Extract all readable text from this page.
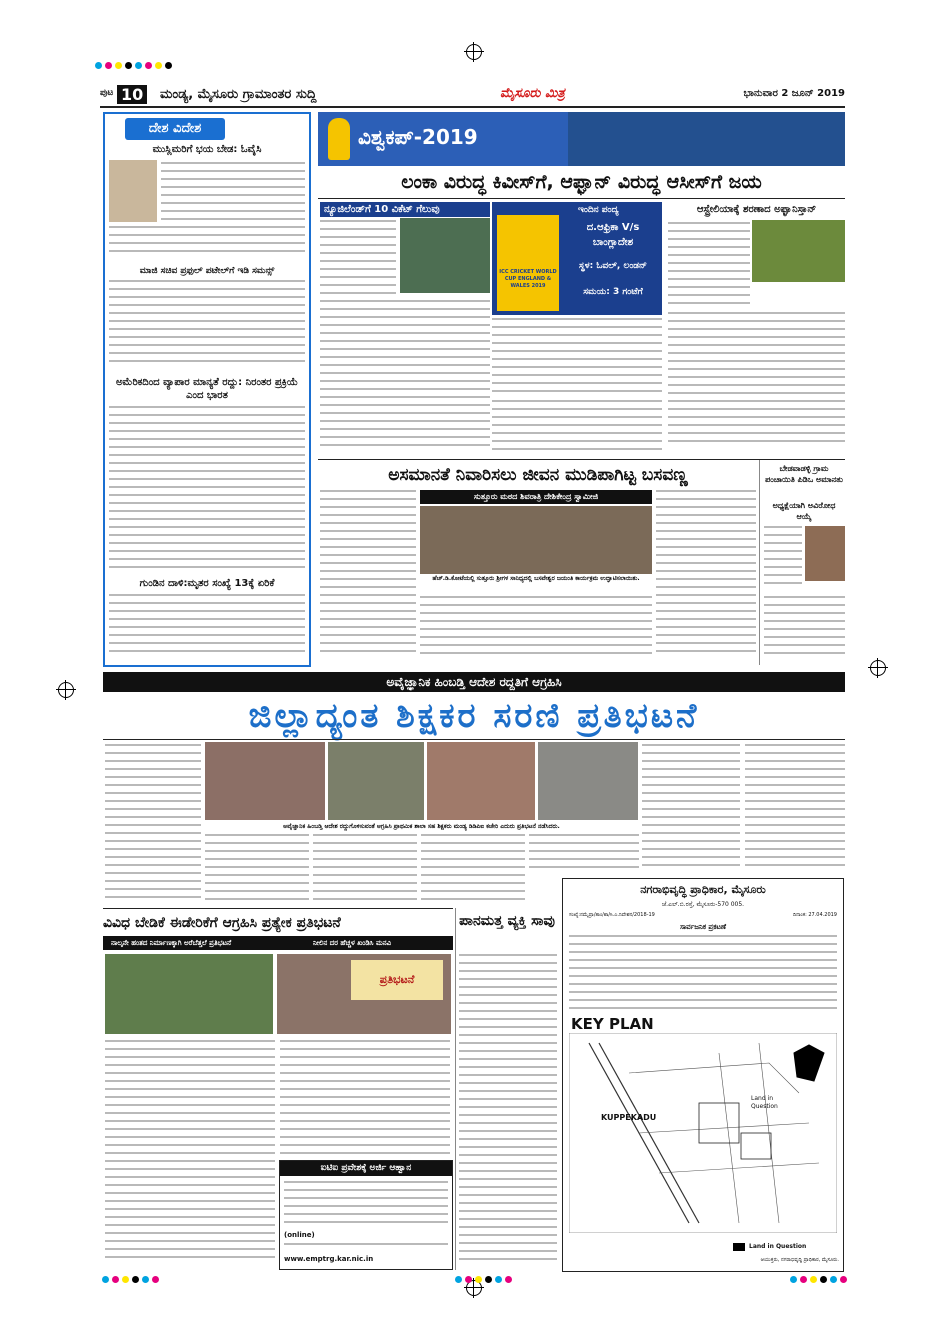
ಪುಟ 10	ಮಂಡ್ಯ, ಮೈಸೂರು ಗ್ರಾಮಾಂತರ ಸುದ್ದಿ	ಮೈಸೂರು ಮಿತ್ರ	ಭಾನುವಾರ 2 ಜೂನ್ 2019
ದೇಶ ವಿದೇಶ
ಮುಸ್ಲಿಮರಿಗೆ ಭಯ ಬೇಡ: ಓವೈಸಿ
ಮಾಜಿ ಸಚಿವ ಪ್ರಫುಲ್ ಪಟೇಲ್‌ಗೆ ಇಡಿ ಸಮನ್ಸ್
ಅಮೆರಿಕದಿಂದ ವ್ಯಾಪಾರ ಮಾನ್ಯತೆ ರದ್ದು: ನಿರಂತರ ಪ್ರಕ್ರಿಯೆ ಎಂದ ಭಾರತ
ಗುಂಡಿನ ದಾಳಿ:ಮೃತರ ಸಂಖ್ಯೆ 13ಕ್ಕೆ ಏರಿಕೆ
ವಿಶ್ವಕಪ್-2019
ಲಂಕಾ ವಿರುದ್ಧ ಕಿವೀಸ್‌ಗೆ, ಆಫ್ಘಾನ್ ವಿರುದ್ಧ ಆಸೀಸ್‌ಗೆ ಜಯ
ನ್ಯೂಜಿಲೆಂಡ್‌ಗೆ 10 ವಿಕೆಟ್ ಗೆಲುವು
ICC CRICKET WORLD CUP ENGLAND & WALES 2019
ಇಂದಿನ ಪಂದ್ಯ
ದ.ಆಫ್ರಿಕಾ V/s ಬಾಂಗ್ಲಾದೇಶ
ಸ್ಥಳ: ಓವಲ್, ಲಂಡನ್
ಸಮಯ: 3 ಗಂಟೆಗೆ
ಆಸ್ಟ್ರೇಲಿಯಾಕ್ಕೆ ಶರಣಾದ ಅಫ್ಘಾನಿಸ್ತಾನ್
ಅಸಮಾನತೆ ನಿವಾರಿಸಲು ಜೀವನ ಮುಡಿಪಾಗಿಟ್ಟ ಬಸವಣ್ಣ
ಸುತ್ತೂರು ಮಠದ ಶಿವರಾತ್ರಿ ದೇಶಿಕೇಂದ್ರ ಸ್ವಾಮೀಜಿ
ಹೆಚ್.ಡಿ.ಕೋಟೆಯಲ್ಲಿ ಸುತ್ತೂರು ಶ್ರೀಗಳ ಸಾನಿಧ್ಯದಲ್ಲಿ ಬಸವೇಶ್ವರ ಜಯಂತಿ ಕಾರ್ಯಕ್ರಮ ಉದ್ಘಾಟಿಸಲಾಯಿತು.
ಬೇಡವಾಡಳ್ಳಿ ಗ್ರಾಮ ಪಂಚಾಯಿತಿ ಪಿಡಿಒ ಅಮಾನತು
ಅಧ್ಯಕ್ಷೆಯಾಗಿ ಅವಿರೋಧ ಆಯ್ಕೆ
ಅವೈಜ್ಞಾನಿಕ ಹಿಂಬಡ್ತಿ ಆದೇಶ ರದ್ದತಿಗೆ ಆಗ್ರಹಿಸಿ
ಜಿಲ್ಲಾದ್ಯಂತ ಶಿಕ್ಷಕರ ಸರಣಿ ಪ್ರತಿಭಟನೆ
ಅವೈಜ್ಞಾನಿಕ ಹಿಂಬಡ್ತಿ ಆದೇಶ ರದ್ದುಗೊಳಿಸುವಂತೆ ಆಗ್ರಹಿಸಿ ಪ್ರಾಥಮಿಕ ಶಾಲಾ ಸಹ ಶಿಕ್ಷಕರು ಮಂಡ್ಯ ಡಿಡಿಪಿಐ ಕಚೇರಿ ಎದುರು ಪ್ರತಿಭಟನೆ ನಡೆಸಿದರು.
ವಿವಿಧ ಬೇಡಿಕೆ ಈಡೇರಿಕೆಗೆ ಆಗ್ರಹಿಸಿ ಪ್ರತ್ಯೇಕ ಪ್ರತಿಭಟನೆ
ನಾಲ್ಕನೇ ಹಂತದ ನಿರ್ಮಾಣಕ್ಕಾಗಿ ಅರೆಬೆತ್ತಲೆ ಪ್ರತಿಭಟನೆ	ನೀಲಿನ ದರ ಹೆಚ್ಚಳ ಖಂಡಿಸಿ ಮನವಿ
ಪ್ರತಿಭಟನೆ
ಐಟಿಐ ಪ್ರವೇಶಕ್ಕೆ ಅರ್ಜಿ ಆಹ್ವಾನ
(online)
www.emptrg.kar.nic.in
ಪಾನಮತ್ತ ವ್ಯಕ್ತಿ ಸಾವು
ನಗರಾಭಿವೃದ್ಧಿ ಪ್ರಾಧಿಕಾರ, ಮೈಸೂರು
ಜೆ.ಎಲ್.ಬಿ.ರಸ್ತೆ, ಮೈಸೂರು-570 005.
ಸಂಖ್ಯೆ:ನಮೈಪ್ರಾ/ತಾಂ/ಶಾ/ಸಿ.ಎ.ನಿವೇಶನ/2018-19	ದಿನಾಂಕ: 27.04.2019
ಸಾರ್ವಜನಿಕ ಪ್ರಕಟಣೆ
KEY PLAN
KUPPEKADU
Land in Question
Land in Question
ಆಯುಕ್ತರು, ನಗರಾಭಿವೃದ್ಧಿ ಪ್ರಾಧಿಕಾರ, ಮೈಸೂರು.
